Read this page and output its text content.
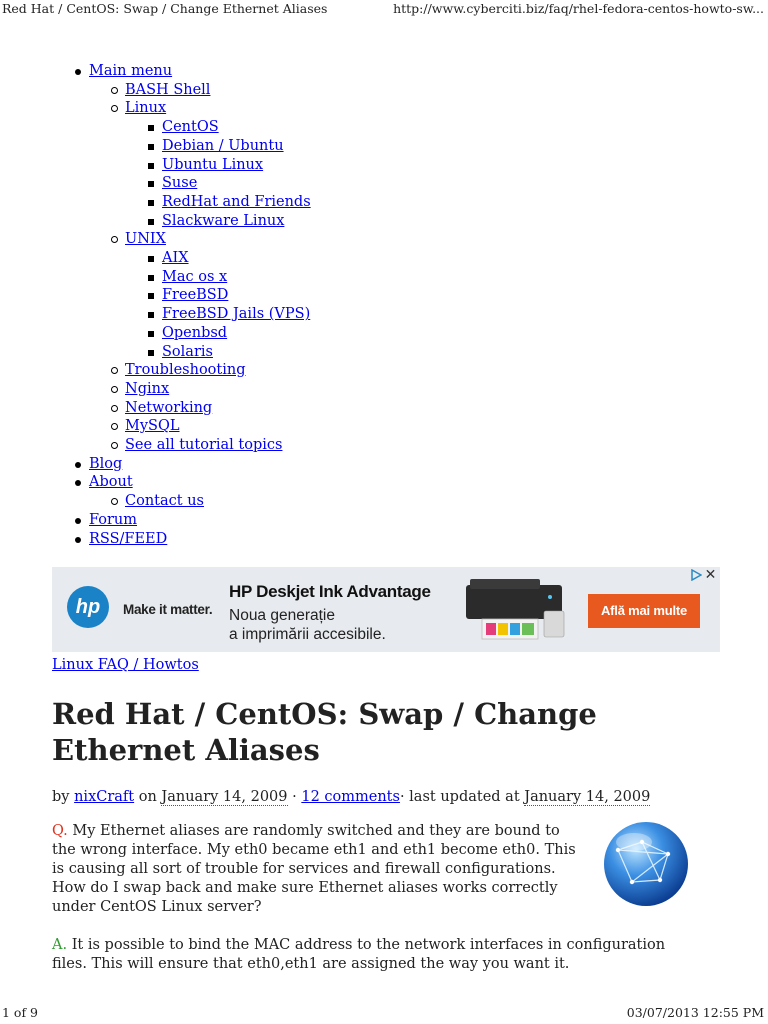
Red Hat / CentOS: Swap / Change Ethernet Aliases	http://www.cyberciti.biz/faq/rhel-fedora-centos-howto-sw...
Main menu
BASH Shell
Linux
CentOS
Debian / Ubuntu
Ubuntu Linux
Suse
RedHat and Friends
Slackware Linux
UNIX
AIX
Mac os x
FreeBSD
FreeBSD Jails (VPS)
Openbsd
Solaris
Troubleshooting
Nginx
Networking
MySQL
See all tutorial topics
Blog
About
Contact us
Forum
RSS/FEED
hp	Make it matter.
HP Deskjet Ink Advantage
Noua generație
a imprimării accesibile.
Află mai multe
✕
Linux FAQ / Howtos
Red Hat / CentOS: Swap / Change Ethernet Aliases
by nixCraft on January 14, 2009 · 12 comments· last updated at January 14, 2009

Q. My Ethernet aliases are randomly switched and they are bound to the wrong interface. My eth0 became eth1 and eth1 become eth0. This is causing all sort of trouble for services and firewall configurations. How do I swap back and make sure Ethernet aliases works correctly under CentOS Linux server?

A. It is possible to bind the MAC address to the network interfaces in configuration files. This will ensure that eth0,eth1 are assigned the way you want it.

1 of 9	03/07/2013 12:55 PM
